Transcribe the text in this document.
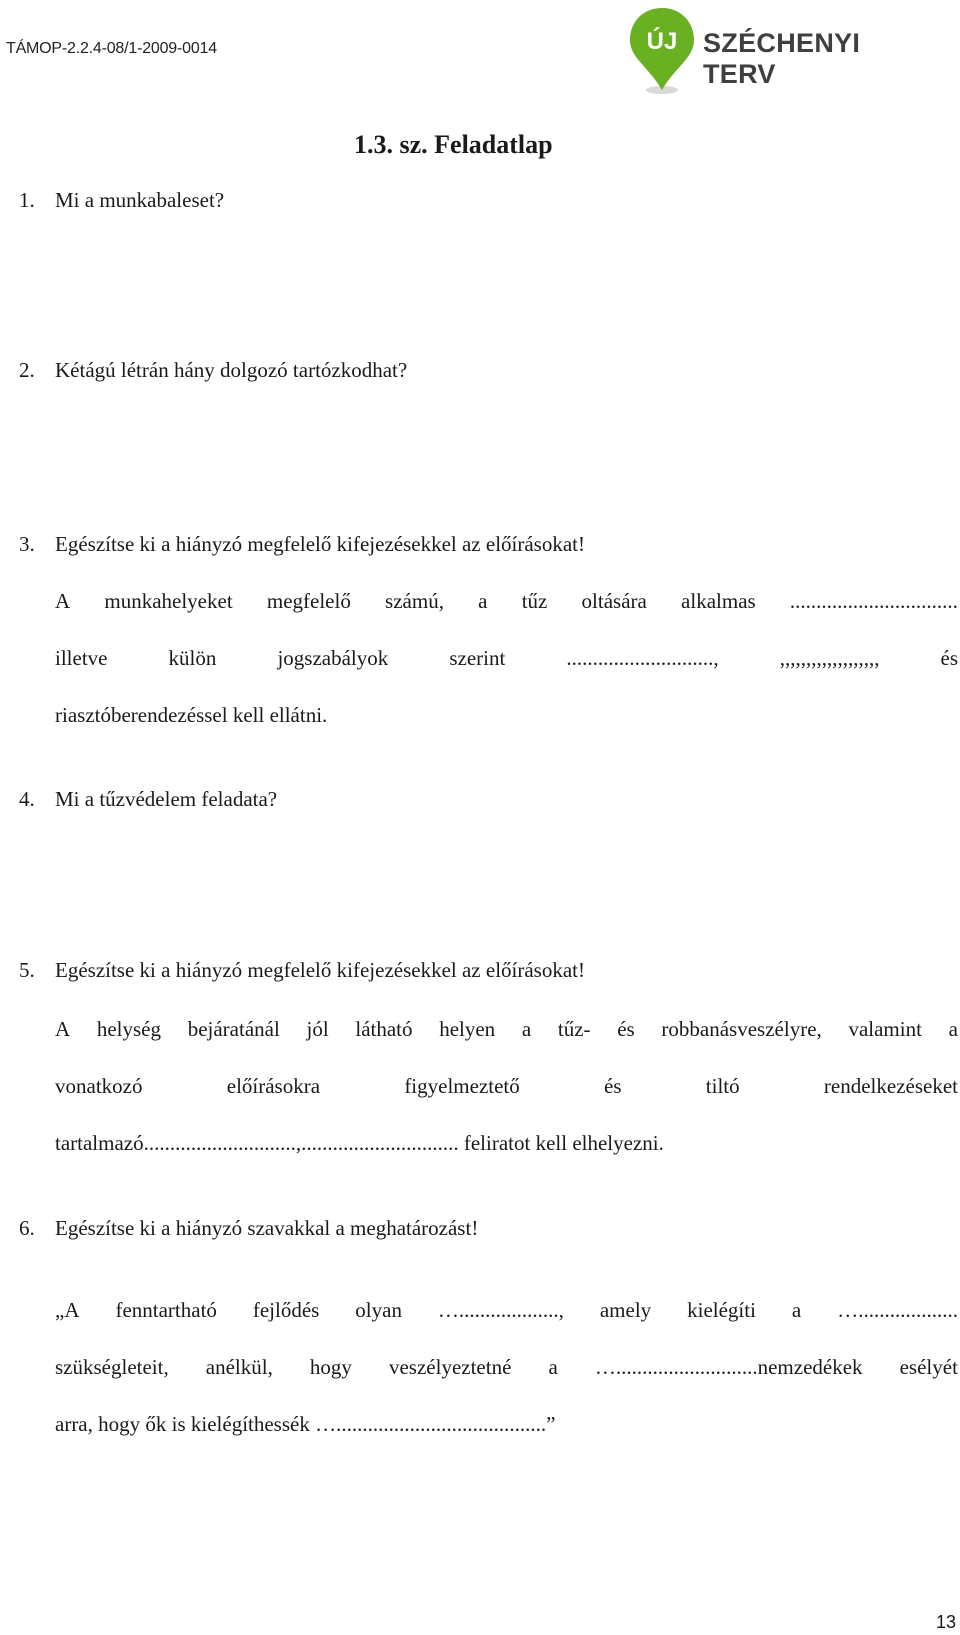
TÁMOP-2.2.4-08/1-2009-0014	ÚJ SZÉCHENYI TERV
1.3. sz. Feladatlap
1. Mi a munkabaleset?
2. Kétágú létrán hány dolgozó tartózkodhat?
3. Egészítse ki a hiányzó megfelelő kifejezésekkel az előírásokat!
A munkahelyeket megfelelő számú, a tűz oltására alkalmas ................................
illetve	külön	jogszabályok	szerint	............................,	,,,,,,,,,,,,,,,,,,,	és
riasztóberendezéssel kell ellátni.
4. Mi a tűzvédelem feladata?
5. Egészítse ki a hiányzó megfelelő kifejezésekkel az előírásokat!
A helység bejáratánál jól látható helyen a tűz- és robbanásveszélyre, valamint a
vonatkozó	előírásokra	figyelmeztető	és	tiltó	rendelkezéseket
tartalmazó.............................,.............................. feliratot kell elhelyezni.
6. Egészítse ki a hiányzó szavakkal a meghatározást!
„A fenntartható fejlődés olyan …..................., amely kielégíti a …...................
szükségleteit, anélkül, hogy veszélyeztetné a …...........................nemzedékek esélyét
arra, hogy ők is kielégíthessék …........................................”
13
